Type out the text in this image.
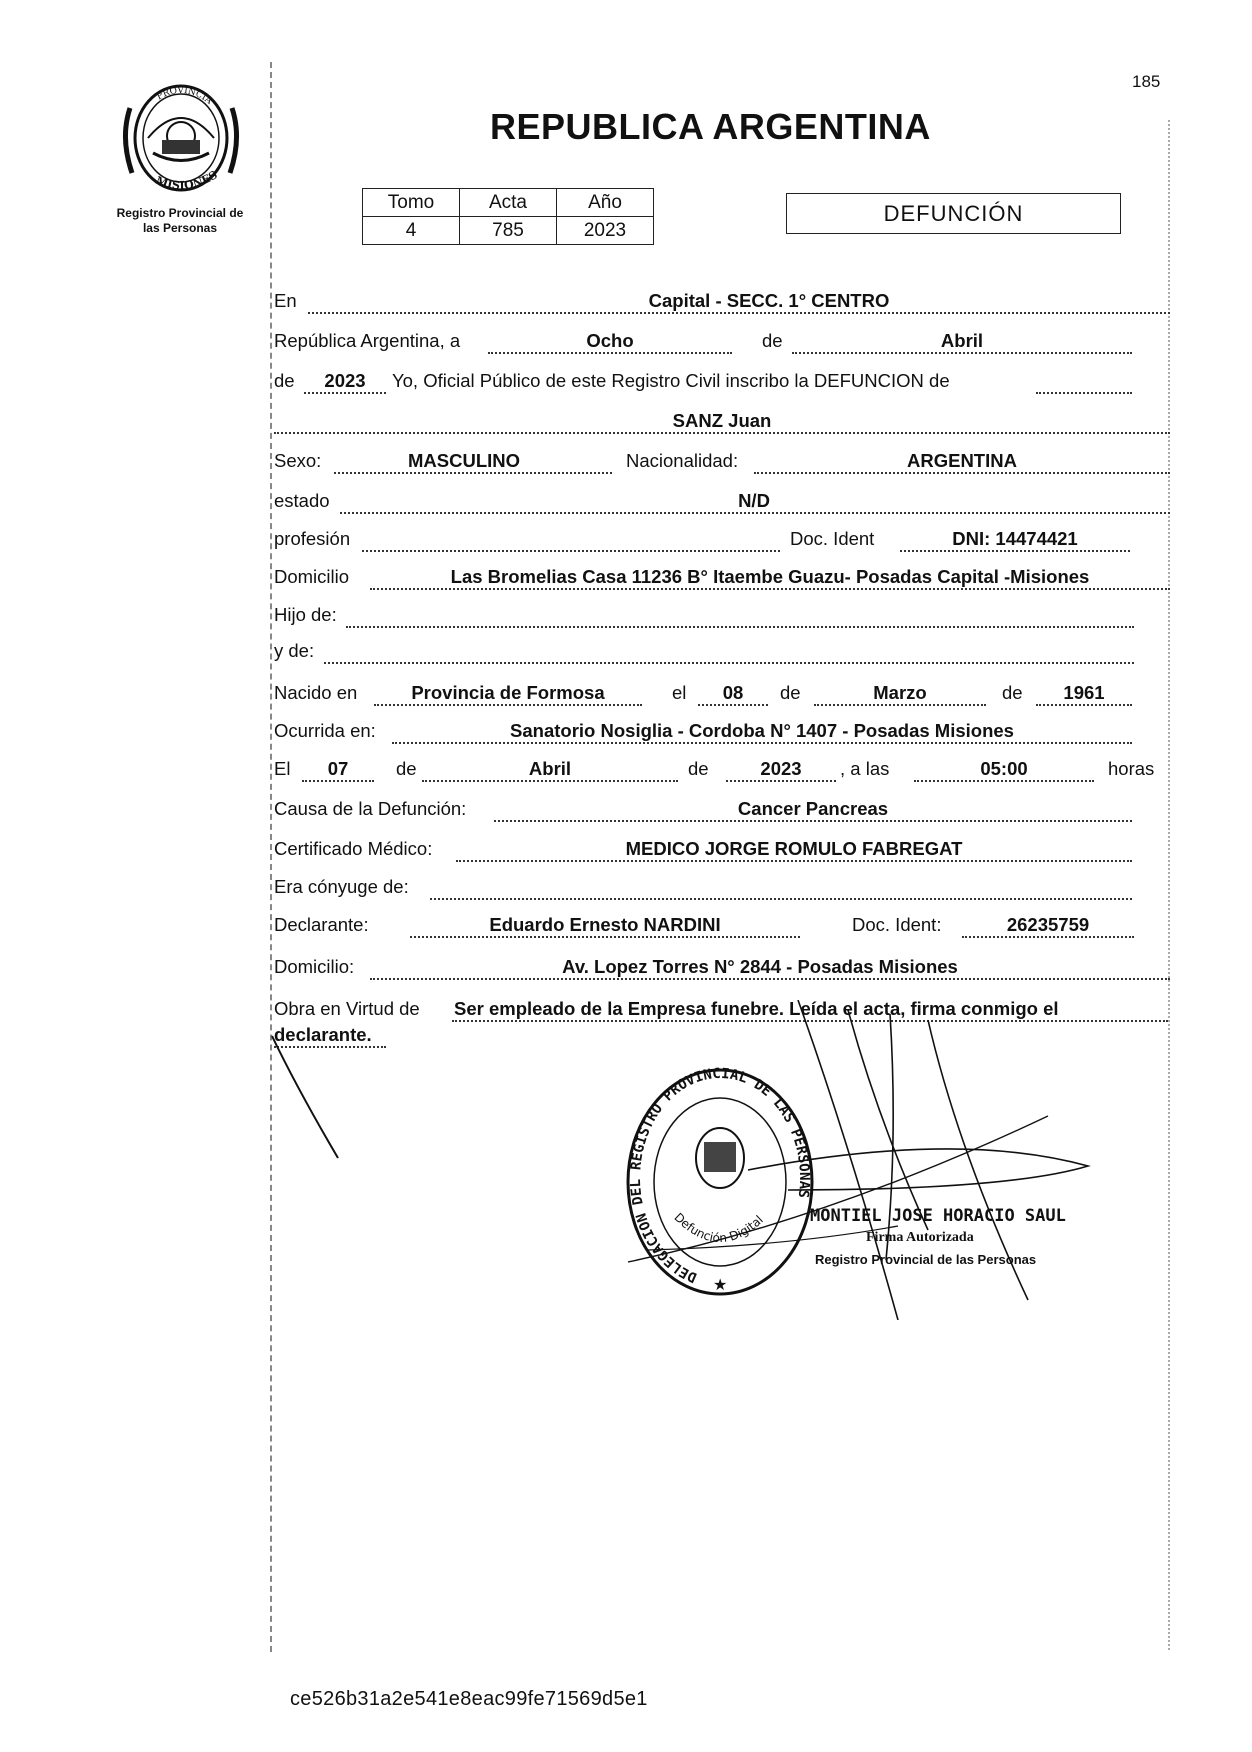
PROVINCIA
MISIONES
Registro Provincial de
las Personas
185
REPUBLICA ARGENTINA
Tomo	Acta	Año
4	785	2023
DEFUNCIÓN
En	Capital - SECC. 1° CENTRO
República Argentina, a	Ocho	de	Abril
de	2023	Yo, Oficial Público de este Registro Civil inscribo la DEFUNCION de
SANZ Juan
Sexo:	MASCULINO	Nacionalidad:	ARGENTINA
estado	N/D
profesión	Doc. Ident	DNI: 14474421
Domicilio	Las Bromelias Casa 11236 B° Itaembe Guazu- Posadas Capital -Misiones
Hijo de:
y de:
Nacido en	Provincia de Formosa	el	08	de	Marzo	de	1961
Ocurrida en:	Sanatorio Nosiglia - Cordoba N° 1407 - Posadas Misiones
El	07	de	Abril	de	2023	, a las	05:00	horas
Causa de la Defunción:	Cancer Pancreas
Certificado Médico:	MEDICO JORGE ROMULO FABREGAT
Era cónyuge de:
Declarante:	Eduardo Ernesto NARDINI	Doc. Ident:	26235759
Domicilio:	Av. Lopez Torres N° 2844 - Posadas Misiones
Obra en Virtud de Ser empleado de la Empresa funebre. Leída el acta, firma conmigo el
declarante.
DELEGACION DEL REGISTRO PROVINCIAL DE LAS PERSONAS
Defunción Digital
★
MONTIEL JOSE HORACIO SAUL
Firma Autorizada
Registro Provincial de las Personas
ce526b31a2e541e8eac99fe71569d5e1
